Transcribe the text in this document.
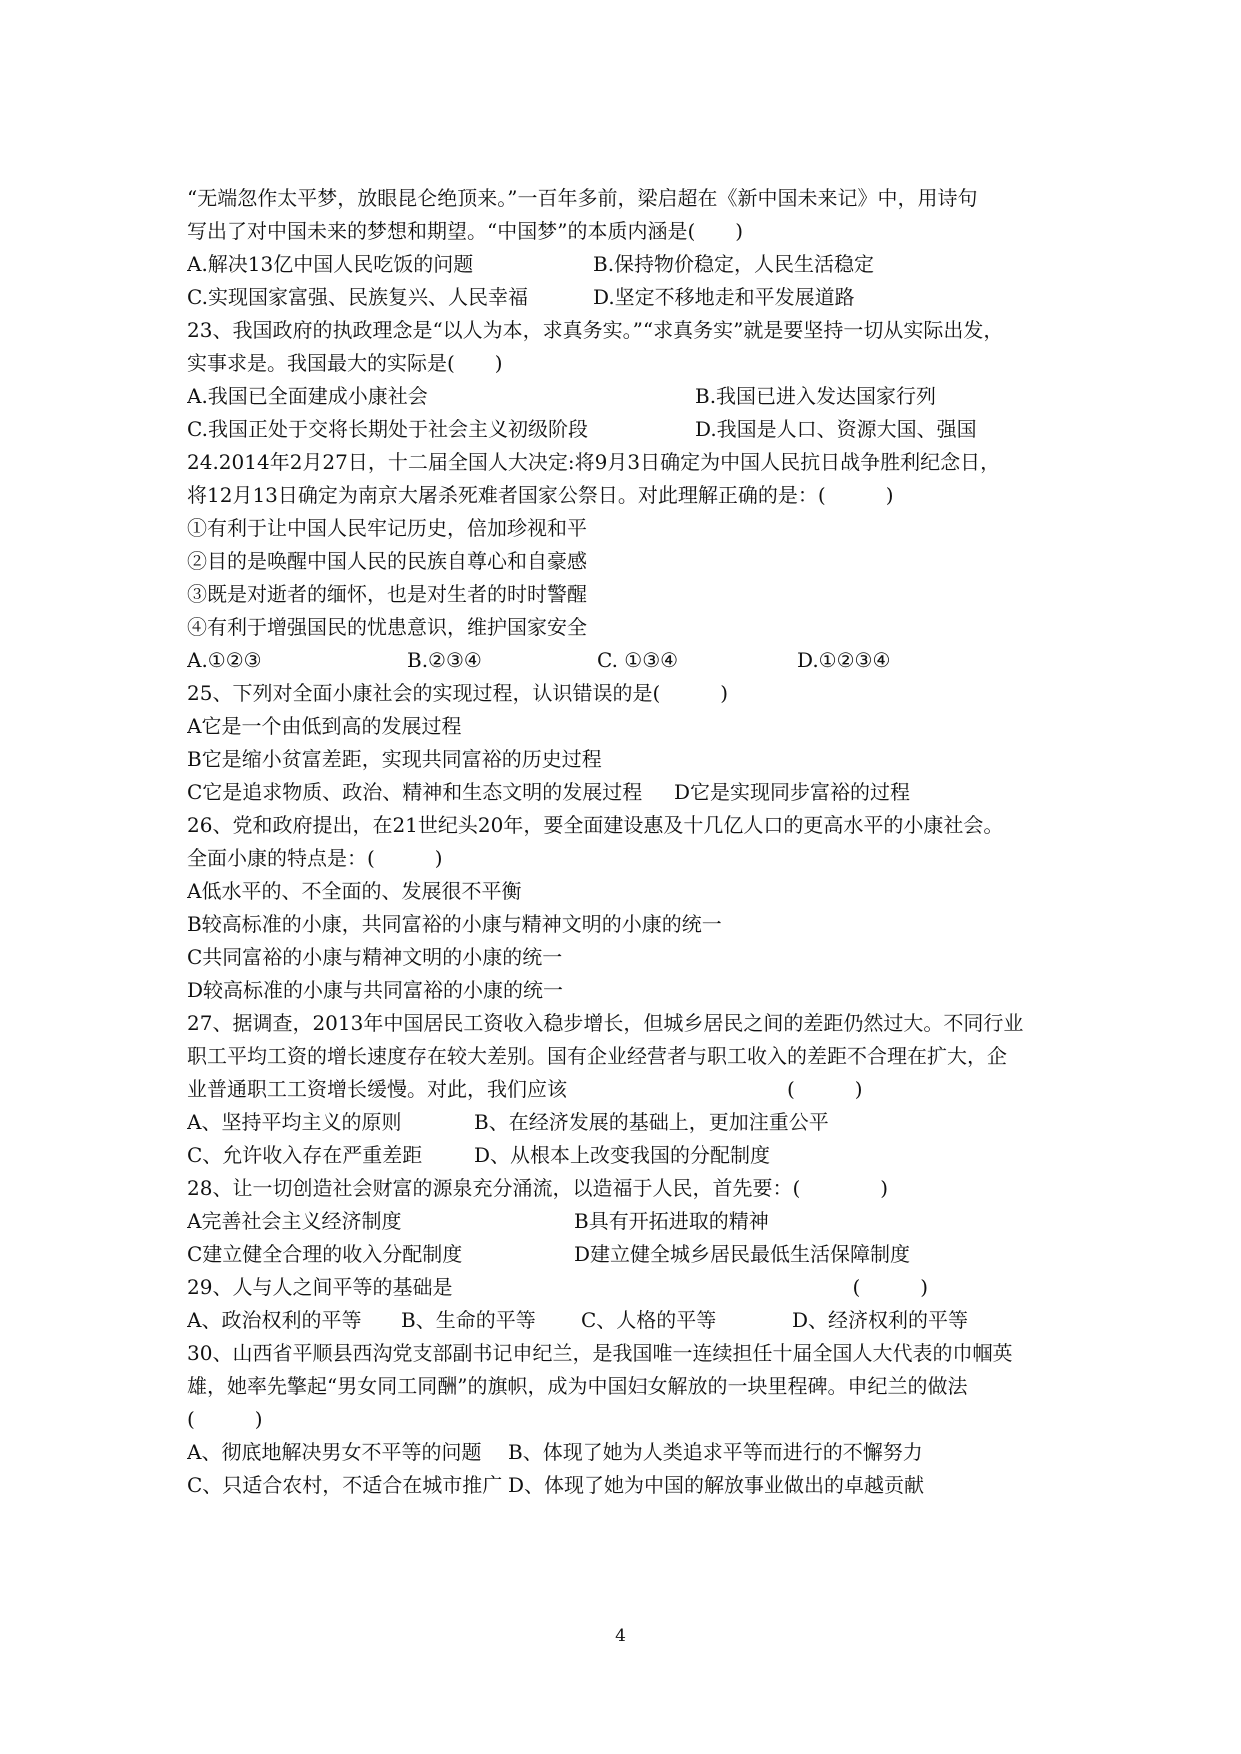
“无端忽作太平梦，放眼昆仑绝顶来。”一百年多前，梁启超在《新中国未来记》中，用诗句
写出了对中国未来的梦想和期望。“中国梦”的本质内涵是(　　)
A.解决13亿中国人民吃饭的问题	B.保持物价稳定，人民生活稳定
C.实现国家富强、民族复兴、人民幸福	D.坚定不移地走和平发展道路
23、我国政府的执政理念是“以人为本，求真务实。”“求真务实”就是要坚持一切从实际出发，
实事求是。我国最大的实际是(　　)
A.我国已全面建成小康社会	B.我国已进入发达国家行列
C.我国正处于交将长期处于社会主义初级阶段	D.我国是人口、资源大国、强国
24.2014年2月27日，十二届全国人大决定:将9月3日确定为中国人民抗日战争胜利纪念日，
将12月13日确定为南京大屠杀死难者国家公祭日。对此理解正确的是：(　　　)
①有利于让中国人民牢记历史，倍加珍视和平
②目的是唤醒中国人民的民族自尊心和自豪感
③既是对逝者的缅怀，也是对生者的时时警醒
④有利于增强国民的忧患意识，维护国家安全
A.①②③	B.②③④	C. ①③④	D.①②③④
25、下列对全面小康社会的实现过程，认识错误的是(　　　)
A它是一个由低到高的发展过程
B它是缩小贫富差距，实现共同富裕的历史过程
C它是追求物质、政治、精神和生态文明的发展过程	D它是实现同步富裕的过程
26、党和政府提出，在21世纪头20年，要全面建设惠及十几亿人口的更高水平的小康社会。
全面小康的特点是：(　　　)
A低水平的、不全面的、发展很不平衡
B较高标准的小康，共同富裕的小康与精神文明的小康的统一
C共同富裕的小康与精神文明的小康的统一
D较高标准的小康与共同富裕的小康的统一
27、据调查，2013年中国居民工资收入稳步增长，但城乡居民之间的差距仍然过大。不同行业
职工平均工资的增长速度存在较大差别。国有企业经营者与职工收入的差距不合理在扩大，企
业普通职工工资增长缓慢。对此，我们应该　　　　　　　　　　　(　　　)
A、坚持平均主义的原则	B、在经济发展的基础上，更加注重公平
C、允许收入存在严重差距	D、从根本上改变我国的分配制度
28、让一切创造社会财富的源泉充分涌流，以造福于人民，首先要：(　　　　)
A完善社会主义经济制度	B具有开拓进取的精神
C建立健全合理的收入分配制度	D建立健全城乡居民最低生活保障制度
29、人与人之间平等的基础是　　　　　　　　　　　　　　　　　　　　(　　　)
A、政治权利的平等	B、生命的平等	C、人格的平等	D、经济权利的平等
30、山西省平顺县西沟党支部副书记申纪兰，是我国唯一连续担任十届全国人大代表的巾帼英
雄，她率先擎起“男女同工同酬”的旗帜，成为中国妇女解放的一块里程碑。申纪兰的做法
(　　　)
A、彻底地解决男女不平等的问题	B、体现了她为人类追求平等而进行的不懈努力
C、只适合农村，不适合在城市推广 D、体现了她为中国的解放事业做出的卓越贡献
4
